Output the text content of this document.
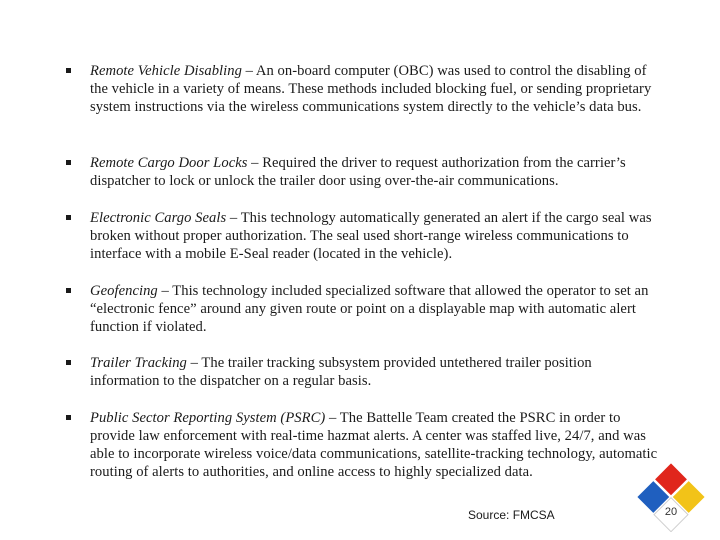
Remote Vehicle Disabling – An on-board computer (OBC) was used to control the disabling of the vehicle in a variety of means. These methods included blocking fuel, or sending proprietary system instructions via the wireless communications system directly to the vehicle’s data bus.
Remote Cargo Door Locks – Required the driver to request authorization from the carrier’s dispatcher to lock or unlock the trailer door using over-the-air communications.
Electronic Cargo Seals – This technology automatically generated an alert if the cargo seal was broken without proper authorization. The seal used short-range wireless communications to interface with a mobile E-Seal reader (located in the vehicle).
Geofencing – This technology included specialized software that allowed the operator to set an “electronic fence” around any given route or point on a displayable map with automatic alert function if violated.
Trailer Tracking – The trailer tracking subsystem provided untethered trailer position information to the dispatcher on a regular basis.
Public Sector Reporting System (PSRC) – The Battelle Team created the PSRC in order to provide law enforcement with real-time hazmat alerts. A center was staffed live, 24/7, and was able to incorporate wireless voice/data communications, satellite-tracking technology, automatic routing of alerts to authorities, and online access to highly specialized data.
Source: FMCSA	20
